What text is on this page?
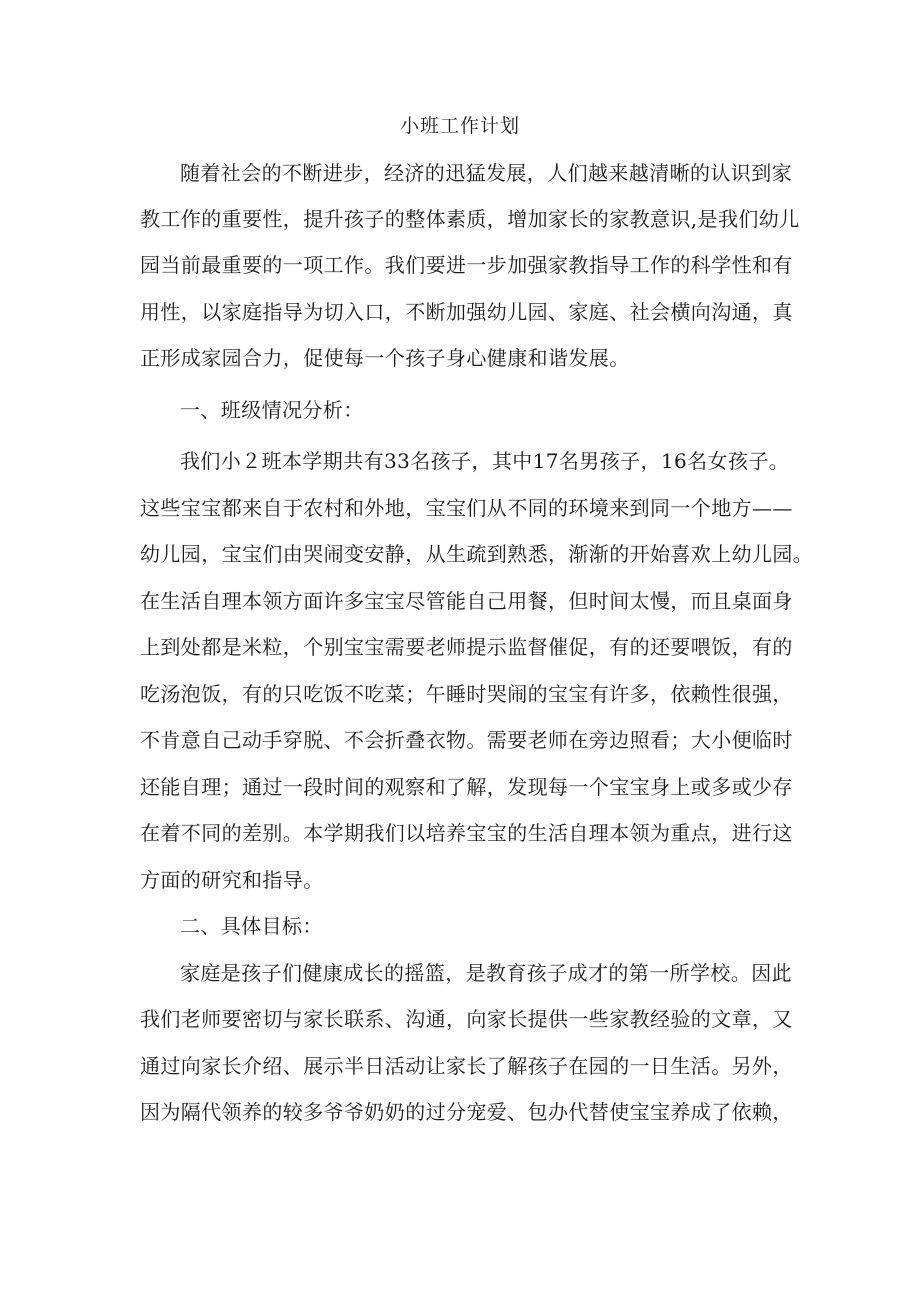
小班工作计划
随着社会的不断进步，经济的迅猛发展，人们越来越清晰的认识到家
教工作的重要性，提升孩子的整体素质，增加家长的家教意识,是我们幼儿
园当前最重要的一项工作。我们要进一步加强家教指导工作的科学性和有
用性，以家庭指导为切入口，不断加强幼儿园、家庭、社会横向沟通，真
正形成家园合力，促使每一个孩子身心健康和谐发展。
一、班级情况分析：
我们小２班本学期共有33名孩子，其中17名男孩子，16名女孩子。
这些宝宝都来自于农村和外地，宝宝们从不同的环境来到同一个地方——
幼儿园，宝宝们由哭闹变安静，从生疏到熟悉，渐渐的开始喜欢上幼儿园。
在生活自理本领方面许多宝宝尽管能自己用餐，但时间太慢，而且桌面身
上到处都是米粒，个别宝宝需要老师提示监督催促，有的还要喂饭，有的
吃汤泡饭，有的只吃饭不吃菜；午睡时哭闹的宝宝有许多，依赖性很强，
不肯意自己动手穿脱、不会折叠衣物。需要老师在旁边照看；大小便临时
还能自理；通过一段时间的观察和了解，发现每一个宝宝身上或多或少存
在着不同的差别。本学期我们以培养宝宝的生活自理本领为重点，进行这
方面的研究和指导。
二、具体目标：
家庭是孩子们健康成长的摇篮，是教育孩子成才的第一所学校。因此
我们老师要密切与家长联系、沟通，向家长提供一些家教经验的文章，又
通过向家长介绍、展示半日活动让家长了解孩子在园的一日生活。另外，
因为隔代领养的较多爷爷奶奶的过分宠爱、包办代替使宝宝养成了依赖，
